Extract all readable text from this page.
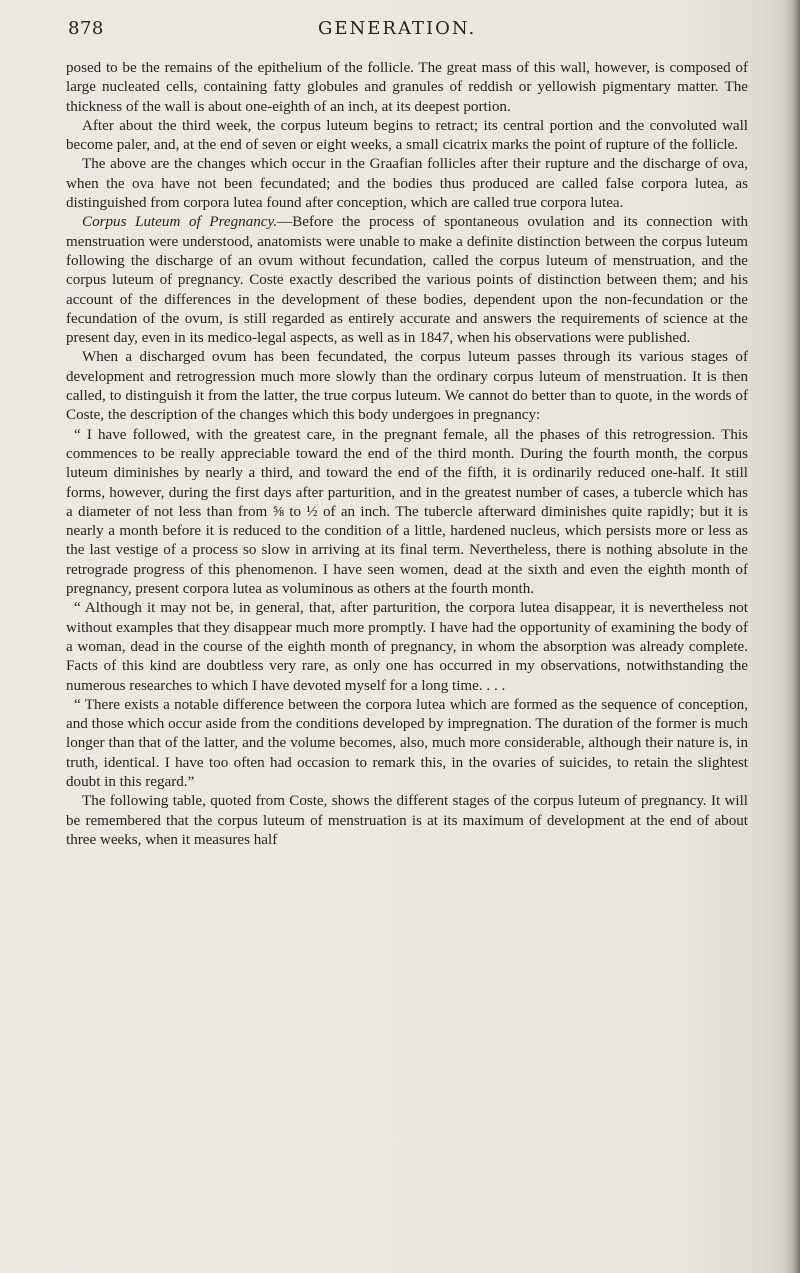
878	GENERATION.

posed to be the remains of the epithelium of the follicle. The great mass of this wall, however, is composed of large nucleated cells, containing fatty globules and granules of reddish or yellowish pigmentary matter. The thickness of the wall is about one-eighth of an inch, at its deepest portion.

After about the third week, the corpus luteum begins to retract; its central portion and the convoluted wall become paler, and, at the end of seven or eight weeks, a small cicatrix marks the point of rupture of the follicle.

The above are the changes which occur in the Graafian follicles after their rupture and the discharge of ova, when the ova have not been fecundated; and the bodies thus produced are called false corpora lutea, as distinguished from corpora lutea found after conception, which are called true corpora lutea.

Corpus Luteum of Pregnancy.—Before the process of spontaneous ovulation and its connection with menstruation were understood, anatomists were unable to make a definite distinction between the corpus luteum following the discharge of an ovum without fecundation, called the corpus luteum of menstruation, and the corpus luteum of pregnancy. Coste exactly described the various points of distinction between them; and his account of the differences in the development of these bodies, dependent upon the non-fecundation or the fecundation of the ovum, is still regarded as entirely accurate and answers the requirements of science at the present day, even in its medico-legal aspects, as well as in 1847, when his observations were published.

When a discharged ovum has been fecundated, the corpus luteum passes through its various stages of development and retrogression much more slowly than the ordinary corpus luteum of menstruation. It is then called, to distinguish it from the latter, the true corpus luteum. We cannot do better than to quote, in the words of Coste, the description of the changes which this body undergoes in pregnancy:

“ I have followed, with the greatest care, in the pregnant female, all the phases of this retrogression. This commences to be really appreciable toward the end of the third month. During the fourth month, the corpus luteum diminishes by nearly a third, and toward the end of the fifth, it is ordinarily reduced one-half. It still forms, however, during the first days after parturition, and in the greatest number of cases, a tubercle which has a diameter of not less than from ⅝ to ½ of an inch. The tubercle afterward diminishes quite rapidly; but it is nearly a month before it is reduced to the condition of a little, hardened nucleus, which persists more or less as the last vestige of a process so slow in arriving at its final term. Nevertheless, there is nothing absolute in the retrograde progress of this phenomenon. I have seen women, dead at the sixth and even the eighth month of pregnancy, present corpora lutea as voluminous as others at the fourth month.

“ Although it may not be, in general, that, after parturition, the corpora lutea disappear, it is nevertheless not without examples that they disappear much more promptly. I have had the opportunity of examining the body of a woman, dead in the course of the eighth month of pregnancy, in whom the absorption was already complete. Facts of this kind are doubtless very rare, as only one has occurred in my observations, notwithstanding the numerous researches to which I have devoted myself for a long time. . . .

“ There exists a notable difference between the corpora lutea which are formed as the sequence of conception, and those which occur aside from the conditions developed by impregnation. The duration of the former is much longer than that of the latter, and the volume becomes, also, much more considerable, although their nature is, in truth, identical. I have too often had occasion to remark this, in the ovaries of suicides, to retain the slightest doubt in this regard.”

The following table, quoted from Coste, shows the different stages of the corpus luteum of pregnancy. It will be remembered that the corpus luteum of menstruation is at its maximum of development at the end of about three weeks, when it measures half
